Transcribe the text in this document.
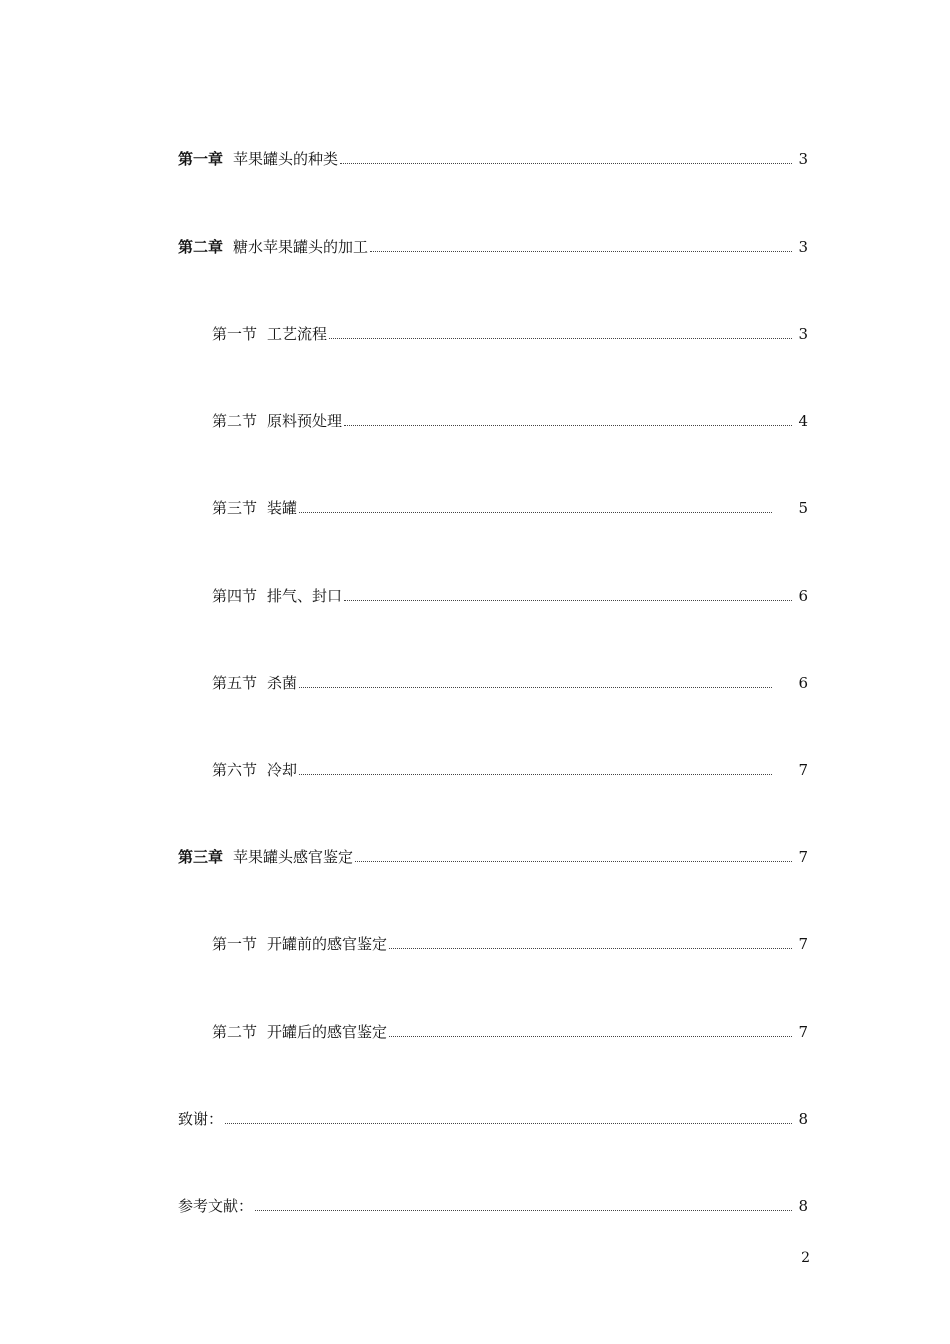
第一章 苹果罐头的种类	3
第二章 糖水苹果罐头的加工	3
第一节 工艺流程	3
第二节 原料预处理	4
第三节 装罐	5
第四节 排气、封口	6
第五节 杀菌	6
第六节 冷却	7
第三章 苹果罐头感官鉴定	7
第一节 开罐前的感官鉴定	7
第二节 开罐后的感官鉴定	7
致谢：	8
参考文献：	8
2
